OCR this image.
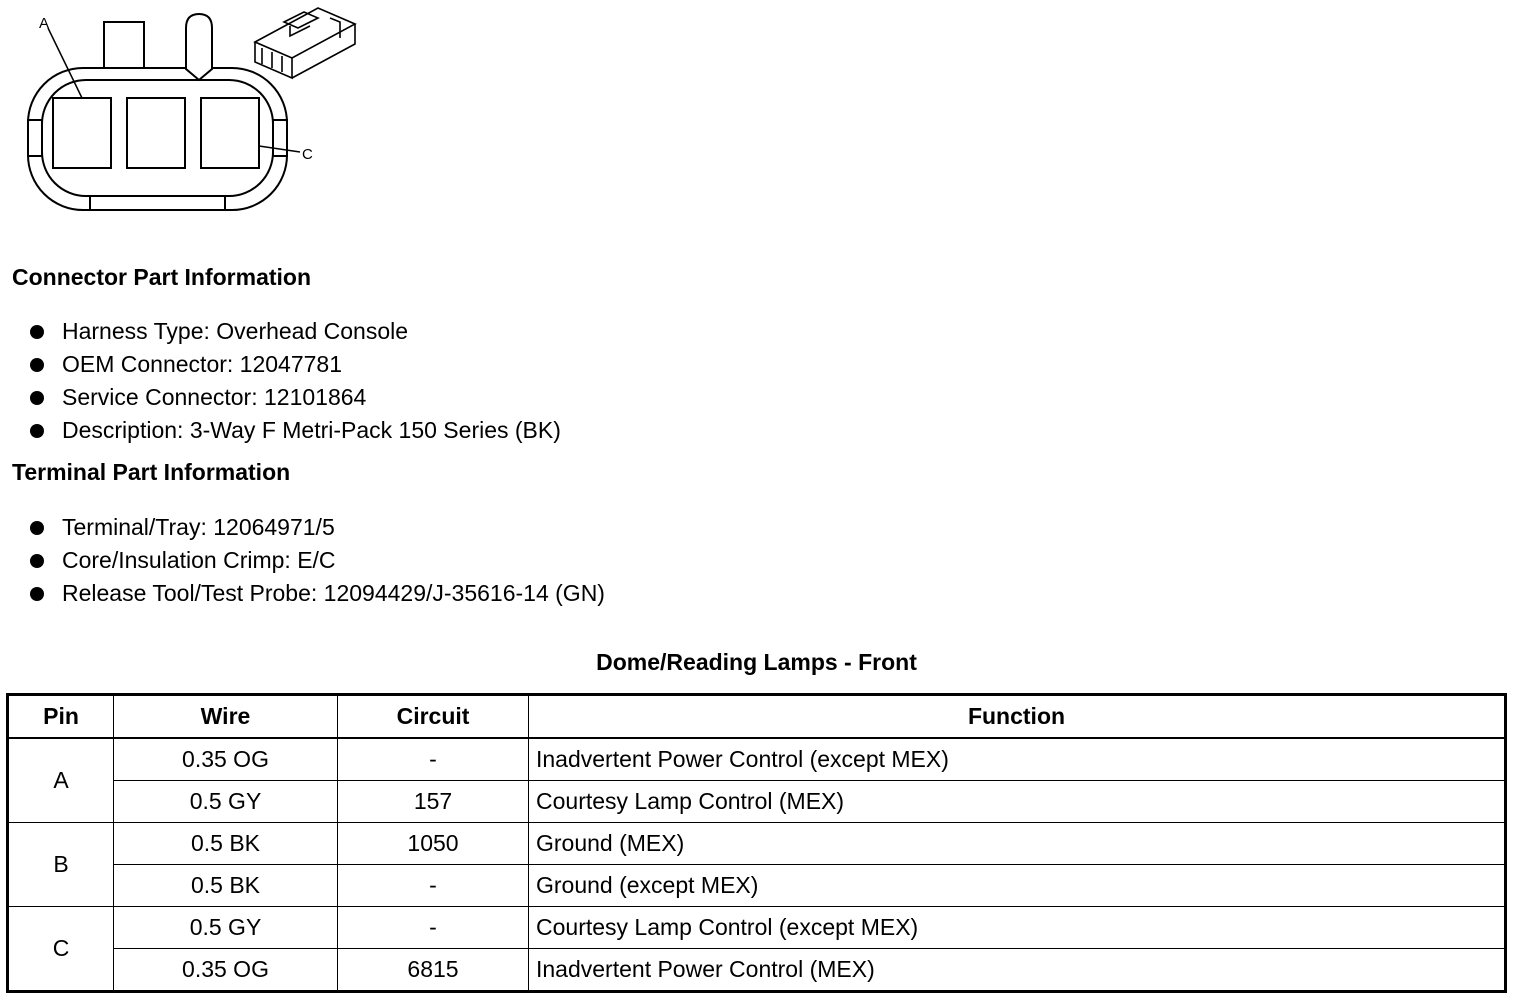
A
C
Connector Part Information
Harness Type: Overhead Console
OEM Connector: 12047781
Service Connector: 12101864
Description: 3-Way F Metri-Pack 150 Series (BK)
Terminal Part Information
Terminal/Tray: 12064971/5
Core/Insulation Crimp: E/C
Release Tool/Test Probe: 12094429/J-35616-14 (GN)
Dome/Reading Lamps - Front
Pin	Wire	Circuit	Function
A	0.35 OG	-	Inadvertent Power Control (except MEX)
	0.5 GY	157	Courtesy Lamp Control (MEX)
B	0.5 BK	1050	Ground (MEX)
	0.5 BK	-	Ground (except MEX)
C	0.5 GY	-	Courtesy Lamp Control (except MEX)
	0.35 OG	6815	Inadvertent Power Control (MEX)
